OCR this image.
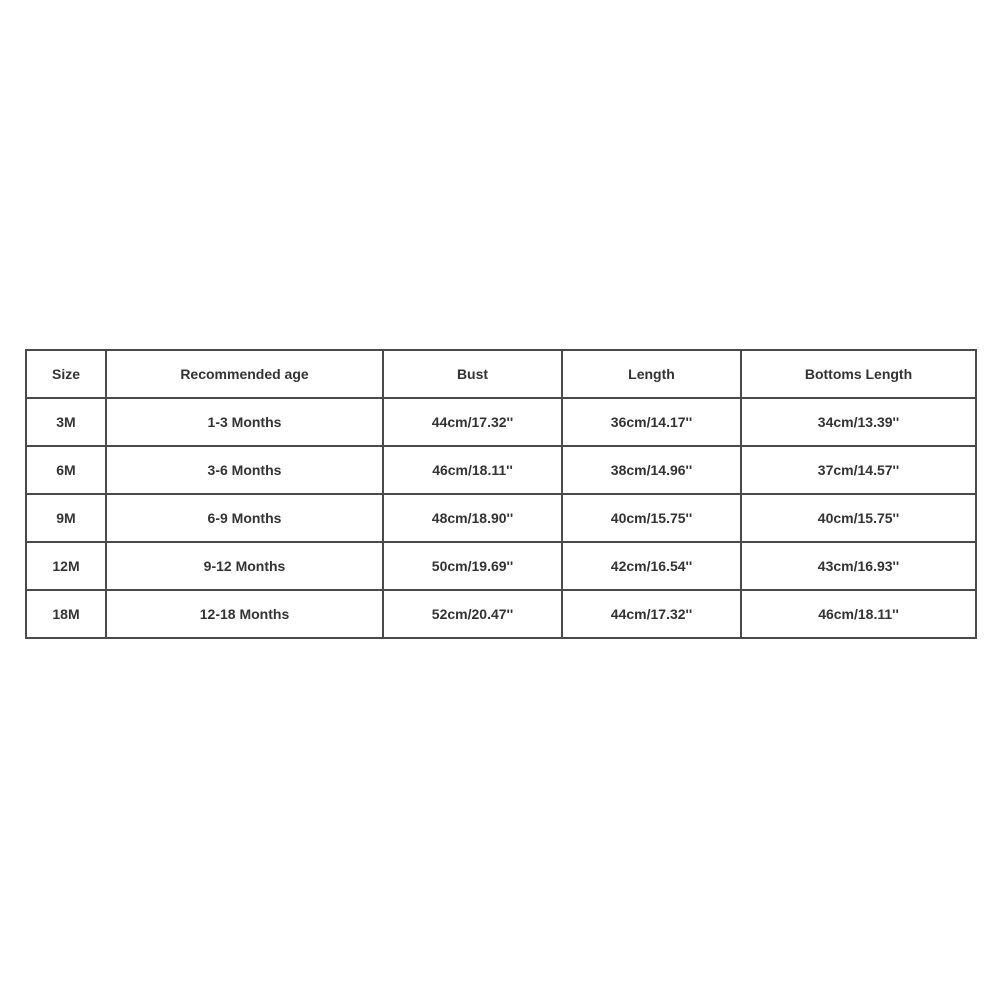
Size	Recommended age	Bust	Length	Bottoms Length
3M	1-3 Months	44cm/17.32''	36cm/14.17''	34cm/13.39''
6M	3-6 Months	46cm/18.11''	38cm/14.96''	37cm/14.57''
9M	6-9 Months	48cm/18.90''	40cm/15.75''	40cm/15.75''
12M	9-12 Months	50cm/19.69''	42cm/16.54''	43cm/16.93''
18M	12-18 Months	52cm/20.47''	44cm/17.32''	46cm/18.11''
